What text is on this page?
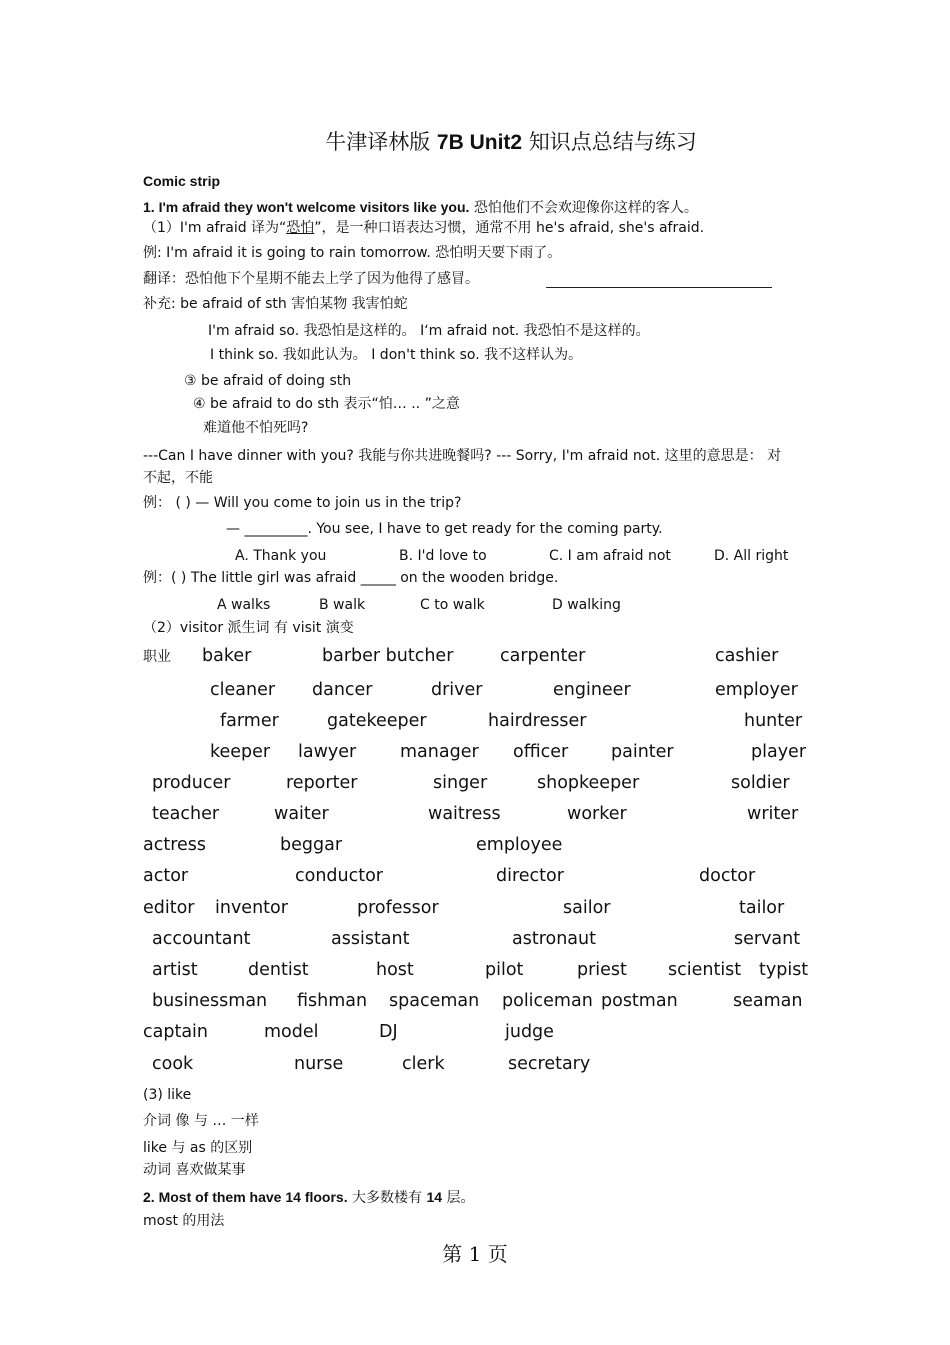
牛津译林版 7B Unit2 知识点总结与练习
Comic strip
1. I'm afraid they won't welcome visitors like you. 恐怕他们不会欢迎像你这样的客人。
（1）I'm afraid 译为“恐怕”，是一种口语表达习惯，通常不用 he's afraid, she's afraid.
例: I'm afraid it is going to rain tomorrow. 恐怕明天要下雨了。
翻译：恐怕他下个星期不能去上学了因为他得了感冒。
补充: be afraid of sth 害怕某物 我害怕蛇
I'm afraid so. 我恐怕是这样的。 I‘m afraid not. 我恐怕不是这样的。
I think so. 我如此认为。 I don't think so. 我不这样认为。
③ be afraid of doing sth
④ be afraid to do sth 表示“怕… .. ”之意
难道他不怕死吗?
---Can I have dinner with you? 我能与你共进晚餐吗? --- Sorry, I'm afraid not. 这里的意思是： 对
不起，不能
例： ( ) — Will you come to join us in the trip?
— _________. You see, I have to get ready for the coming party.
A. Thank you	B. I'd love to	C. I am afraid not	D. All right
例：( ) The little girl was afraid _____ on the wooden bridge.
A walks	B walk	C to walk	D walking
（2）visitor 派生词 有 visit 演变
职业 baker	barber butcher	carpenter	cashier
cleaner dancer	driver	engineer	employer
farmer	gatekeeper	hairdresser	hunter
keeper lawyer	manager officer painter	player
producer	reporter	singer	shopkeeper	soldier
teacher	waiter	waitress	worker	writer
actress	beggar	employee
actor	conductor	director	doctor
editor inventor	professor	sailor	tailor
accountant	assistant	astronaut	servant
artist	dentist	host	pilot	priest scientist typist
businessman fishman spaceman policeman postman	seaman
captain	model	DJ	judge
cook	nurse	clerk	secretary
(3) like
介词 像 与 … 一样
like 与 as 的区别
动词 喜欢做某事
2. Most of them have 14 floors. 大多数楼有 14 层。
most 的用法
第 1 页
